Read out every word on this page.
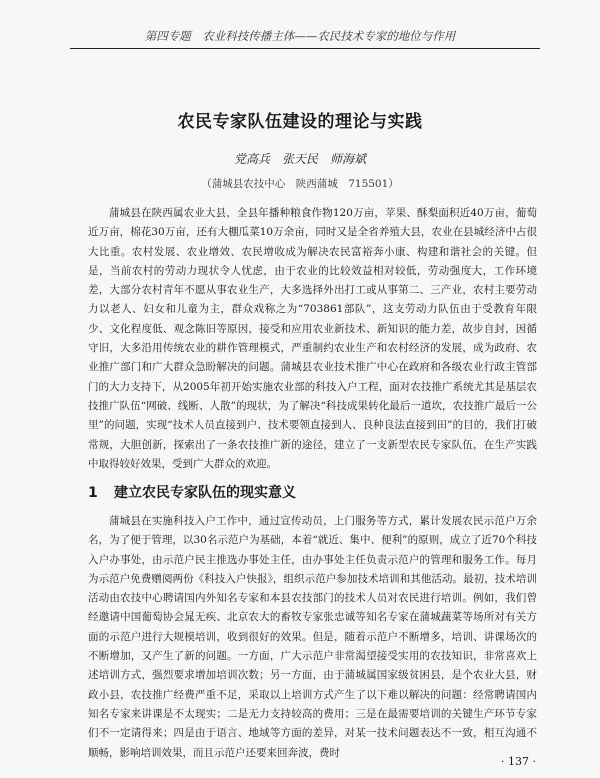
第四专题　农业科技传播主体——农民技术专家的地位与作用
农民专家队伍建设的理论与实践
党高兵　张天民　师海斌
（蒲城县农技中心　陕西蒲城　715501）

蒲城县在陕西属农业大县，全县年播种粮食作物120万亩，苹果、酥梨面积近40万亩，葡萄近万亩，棉花30万亩，还有大棚瓜菜10万余亩，同时又是全省养殖大县，农业在县城经济中占很大比重。农村发展、农业增效、农民增收成为解决农民富裕奔小康、构建和谐社会的关键。但是，当前农村的劳动力现状令人忧虑，由于农业的比较效益相对较低，劳动强度大，工作环境差，大部分农村青年不愿从事农业生产，大多选择外出打工或从事第二、三产业，农村主要劳动力以老人、妇女和儿童为主，群众戏称之为“703861部队”，这支劳动力队伍由于受教育年限少、文化程度低、观念陈旧等原因，接受和应用农业新技术、新知识的能力差，故步自封，因循守旧，大多沿用传统农业的耕作管理模式，严重制约农业生产和农村经济的发展，成为政府、农业推广部门和广大群众急盼解决的问题。蒲城县农业技术推广中心在政府和各级农业行政主管部门的大力支持下，从2005年初开始实施农业部的科技入户工程，面对农技推广系统尤其是基层农技推广队伍“网破、线断、人散”的现状，为了解决“科技成果转化最后一道坎，农技推广最后一公里”的问题，实现“技术人员直接到户、技术要领直接到人、良种良法直接到田”的目的，我们打破常规，大胆创新，探索出了一条农技推广新的途径，建立了一支新型农民专家队伍，在生产实践中取得较好效果，受到广大群众的欢迎。

1 建立农民专家队伍的现实意义

蒲城县在实施科技入户工作中，通过宣传动员，上门服务等方式，累计发展农民示范户万余名，为了便于管理，以30名示范户为基础，本着“就近、集中、便利”的原则，成立了近70个科技入户办事处，由示范户民主推选办事处主任，由办事处主任负责示范户的管理和服务工作。每月为示范户免费赠阅两份《科技入户快报》，组织示范户参加技术培训和其他活动。最初，技术培训活动由农技中心聘请国内外知名专家和本县农技部门的技术人员对农民进行培训。例如，我们曾经邀请中国葡萄协会晁无疾、北京农大的畜牧专家张忠诚等知名专家在蒲城蔬菜等场所对有关方面的示范户进行大规模培训，收到很好的效果。但是，随着示范户不断增多，培训、讲课场次的不断增加，又产生了新的问题。一方面，广大示范户非常渴望接受实用的农技知识，非常喜欢上述培训方式，强烈要求增加培训次数；另一方面，由于蒲城属国家级贫困县，是个农业大县，财政小县，农技推广经费严重不足，采取以上培训方式产生了以下难以解决的问题：经常聘请国内知名专家来讲课是不太现实；二是无力支持较高的费用；三是在最需要培训的关键生产环节专家们不一定请得来；四是由于语言、地域等方面的差异，对某一技术问题表达不一致，相互沟通不顺畅，影响培训效果，而且示范户还要来回奔波，费时

· 137 ·
